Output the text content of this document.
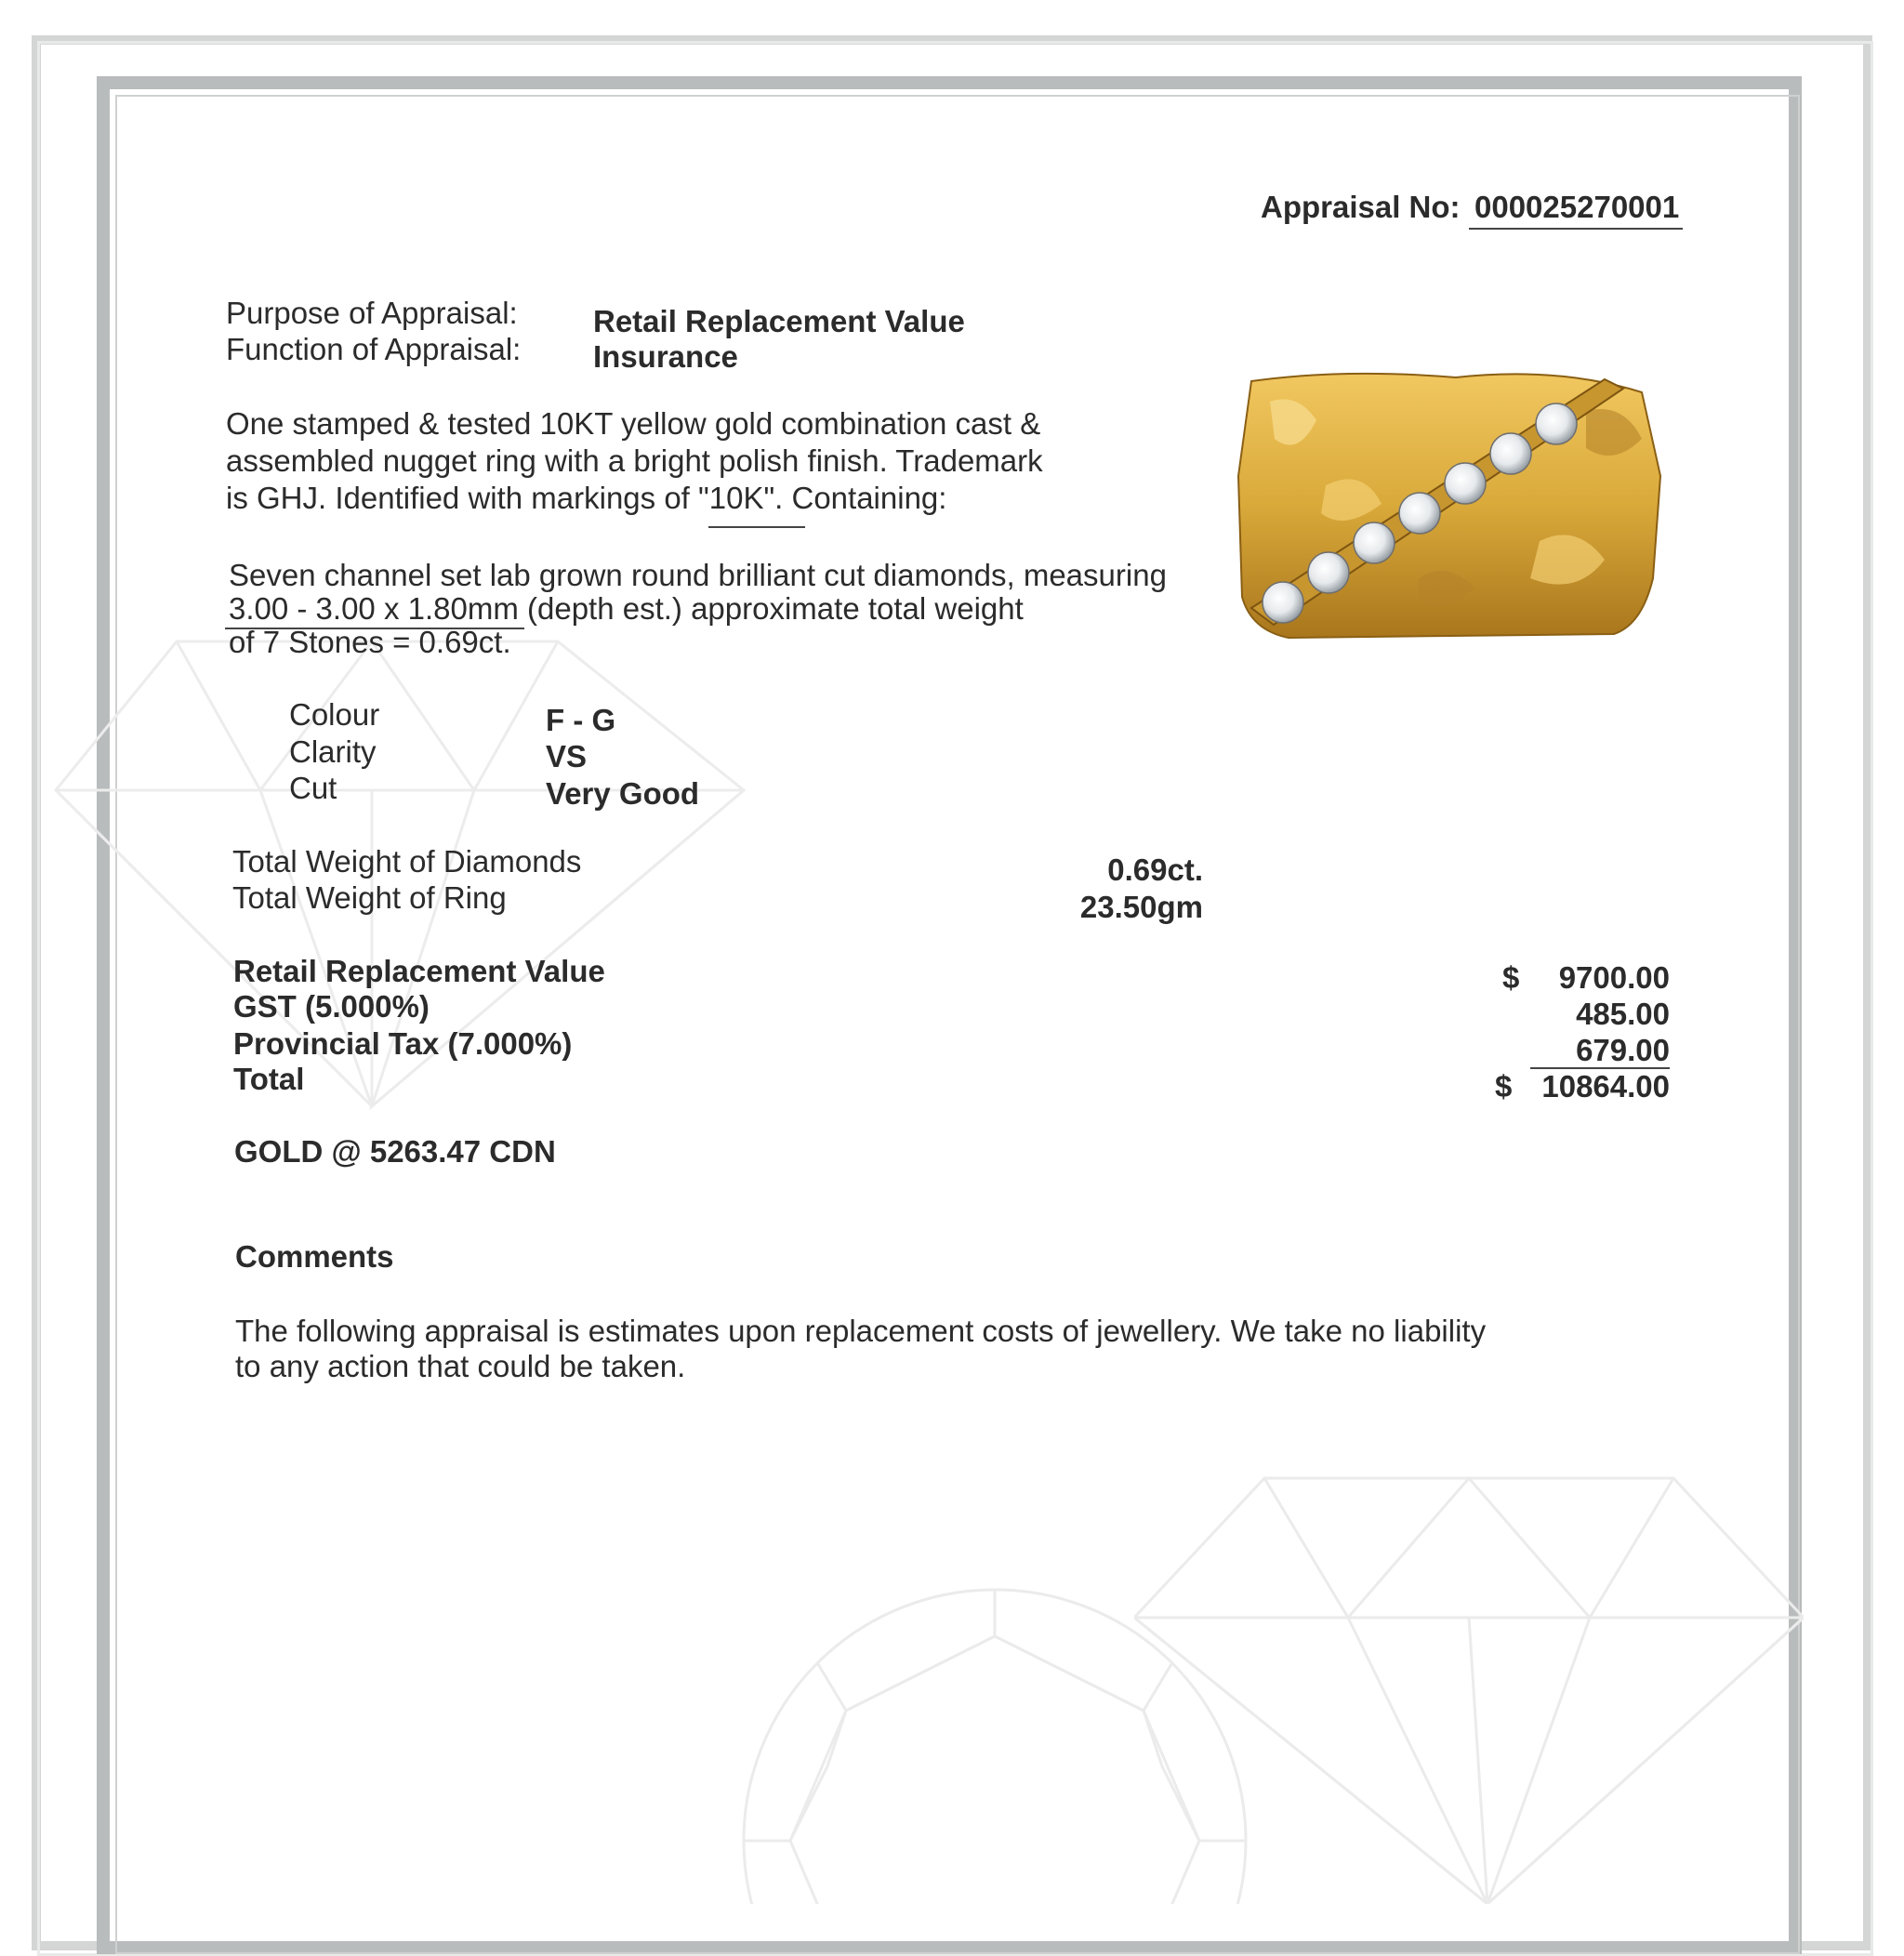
Appraisal No: 000025270001
Purpose of Appraisal: Retail Replacement Value
Function of Appraisal: Insurance
One stamped & tested 10KT yellow gold combination cast &
assembled nugget ring with a bright polish finish. Trademark
is GHJ. Identified with markings of "10K". Containing:
Seven channel set lab grown round brilliant cut diamonds, measuring
3.00 - 3.00 x 1.80mm (depth est.) approximate total weight
of 7 Stones = 0.69ct.
Colour	F - G
Clarity	VS
Cut	Very Good
Total Weight of Diamonds	0.69ct.
Total Weight of Ring	23.50gm
Retail Replacement Value	$	9700.00
GST (5.000%)	485.00
Provincial Tax (7.000%)	679.00
Total	$ 10864.00
GOLD @ 5263.47 CDN
Comments
The following appraisal is estimates upon replacement costs of jewellery. We take no liability
to any action that could be taken.
